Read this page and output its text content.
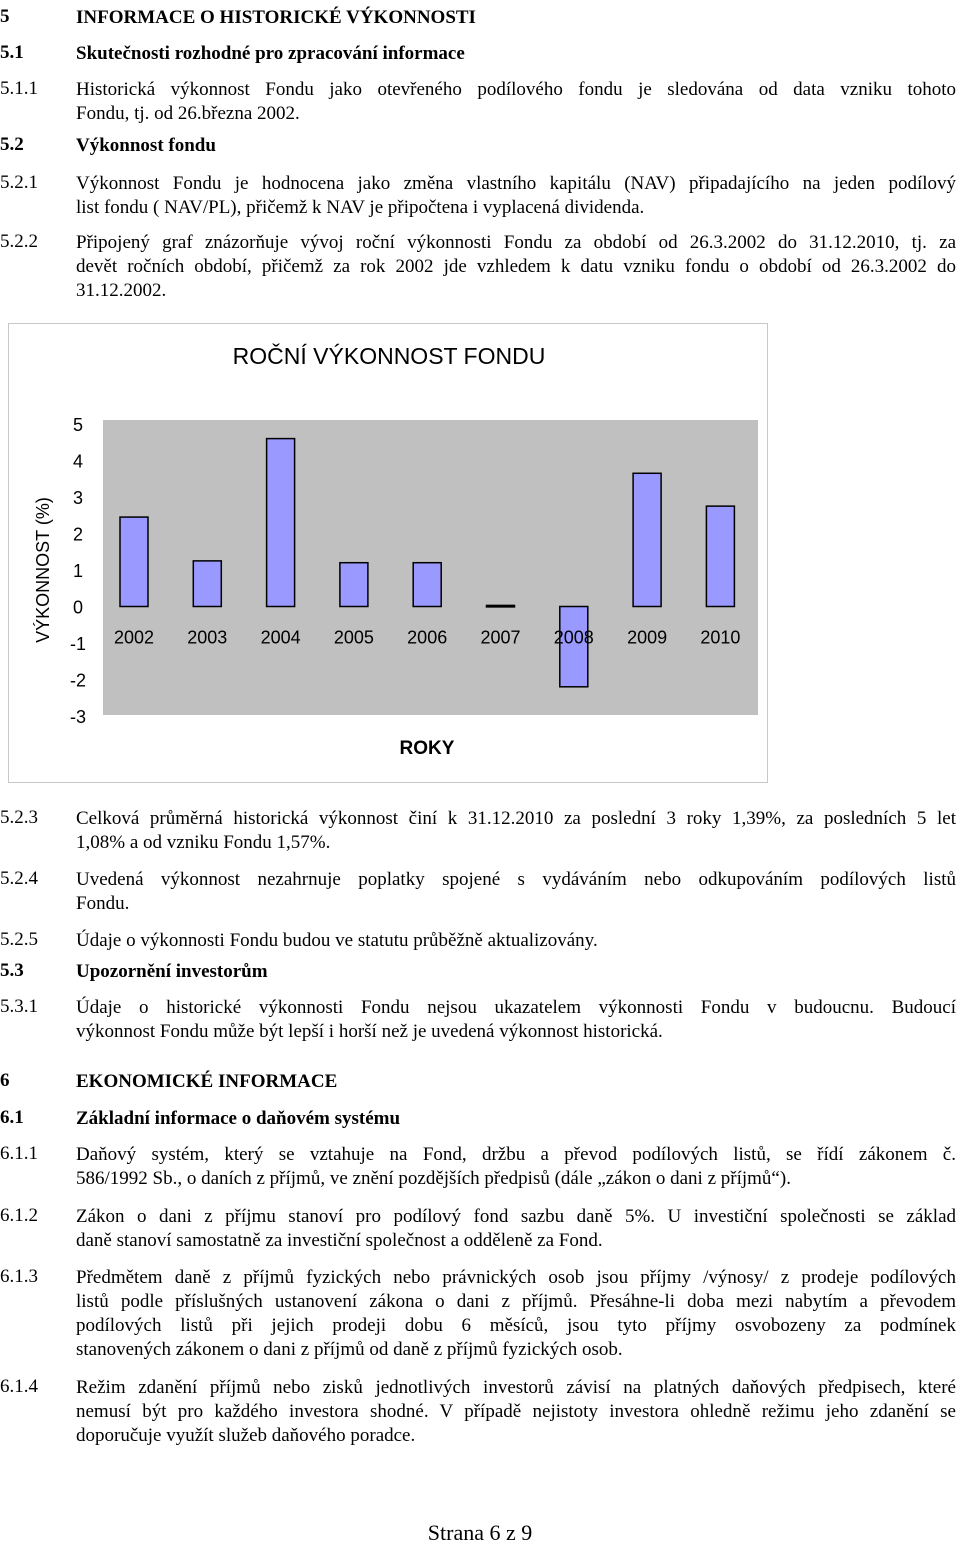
5	INFORMACE O HISTORICKÉ VÝKONNOSTI
5.1	Skutečnosti rozhodné pro zpracování informace
5.1.1 Historická výkonnost Fondu jako otevřeného podílového fondu je sledována od data vzniku tohoto
Fondu, tj. od 26.března 2002.
5.2	Výkonnost fondu
5.2.1 Výkonnost Fondu je hodnocena jako změna vlastního kapitálu (NAV) připadajícího na jeden podílový
list fondu ( NAV/PL), přičemž k NAV je připočtena i vyplacená dividenda.
5.2.2 Připojený graf znázorňuje vývoj roční výkonnosti Fondu za období od 26.3.2002 do 31.12.2010, tj. za
devět ročních období, přičemž za rok 2002 jde vzhledem k datu vzniku fondu o období od 26.3.2002 do
31.12.2002.
ROČNÍ VÝKONNOST FONDU
VÝKONNOST (%)
ROKY
2002 2003 2004 2005 2006 2007 2008 2009 2010
5
4
3
2
1
0
-1
-2
-3
5.2.3 Celková průměrná historická výkonnost činí k 31.12.2010 za poslední 3 roky 1,39%, za posledních 5 let
1,08% a od vzniku Fondu 1,57%.
5.2.4 Uvedená výkonnost nezahrnuje poplatky spojené s vydáváním nebo odkupováním podílových listů
Fondu.
5.2.5 Údaje o výkonnosti Fondu budou ve statutu průběžně aktualizovány.
5.3	Upozornění investorům
5.3.1 Údaje o historické výkonnosti Fondu nejsou ukazatelem výkonnosti Fondu v budoucnu. Budoucí
výkonnost Fondu může být lepší i horší než je uvedená výkonnost historická.
6	EKONOMICKÉ INFORMACE
6.1	Základní informace o daňovém systému
6.1.1 Daňový systém, který se vztahuje na Fond, držbu a převod podílových listů, se řídí zákonem č.
586/1992 Sb., o daních z příjmů, ve znění pozdějších předpisů (dále „zákon o dani z příjmů“).
6.1.2 Zákon o dani z příjmu stanoví pro podílový fond sazbu daně 5%. U investiční společnosti se základ
daně stanoví samostatně za investiční společnost a odděleně za Fond.
6.1.3 Předmětem daně z příjmů fyzických nebo právnických osob jsou příjmy /výnosy/ z prodeje podílových
listů podle příslušných ustanovení zákona o dani z příjmů. Přesáhne-li doba mezi nabytím a převodem
podílových listů při jejich prodeji dobu 6 měsíců, jsou tyto příjmy osvobozeny za podmínek
stanovených zákonem o dani z příjmů od daně z příjmů fyzických osob.
6.1.4 Režim zdanění příjmů nebo zisků jednotlivých investorů závisí na platných daňových předpisech, které
nemusí být pro každého investora shodné. V případě nejistoty investora ohledně režimu jeho zdanění se
doporučuje využít služeb daňového poradce.
Strana 6 z 9
